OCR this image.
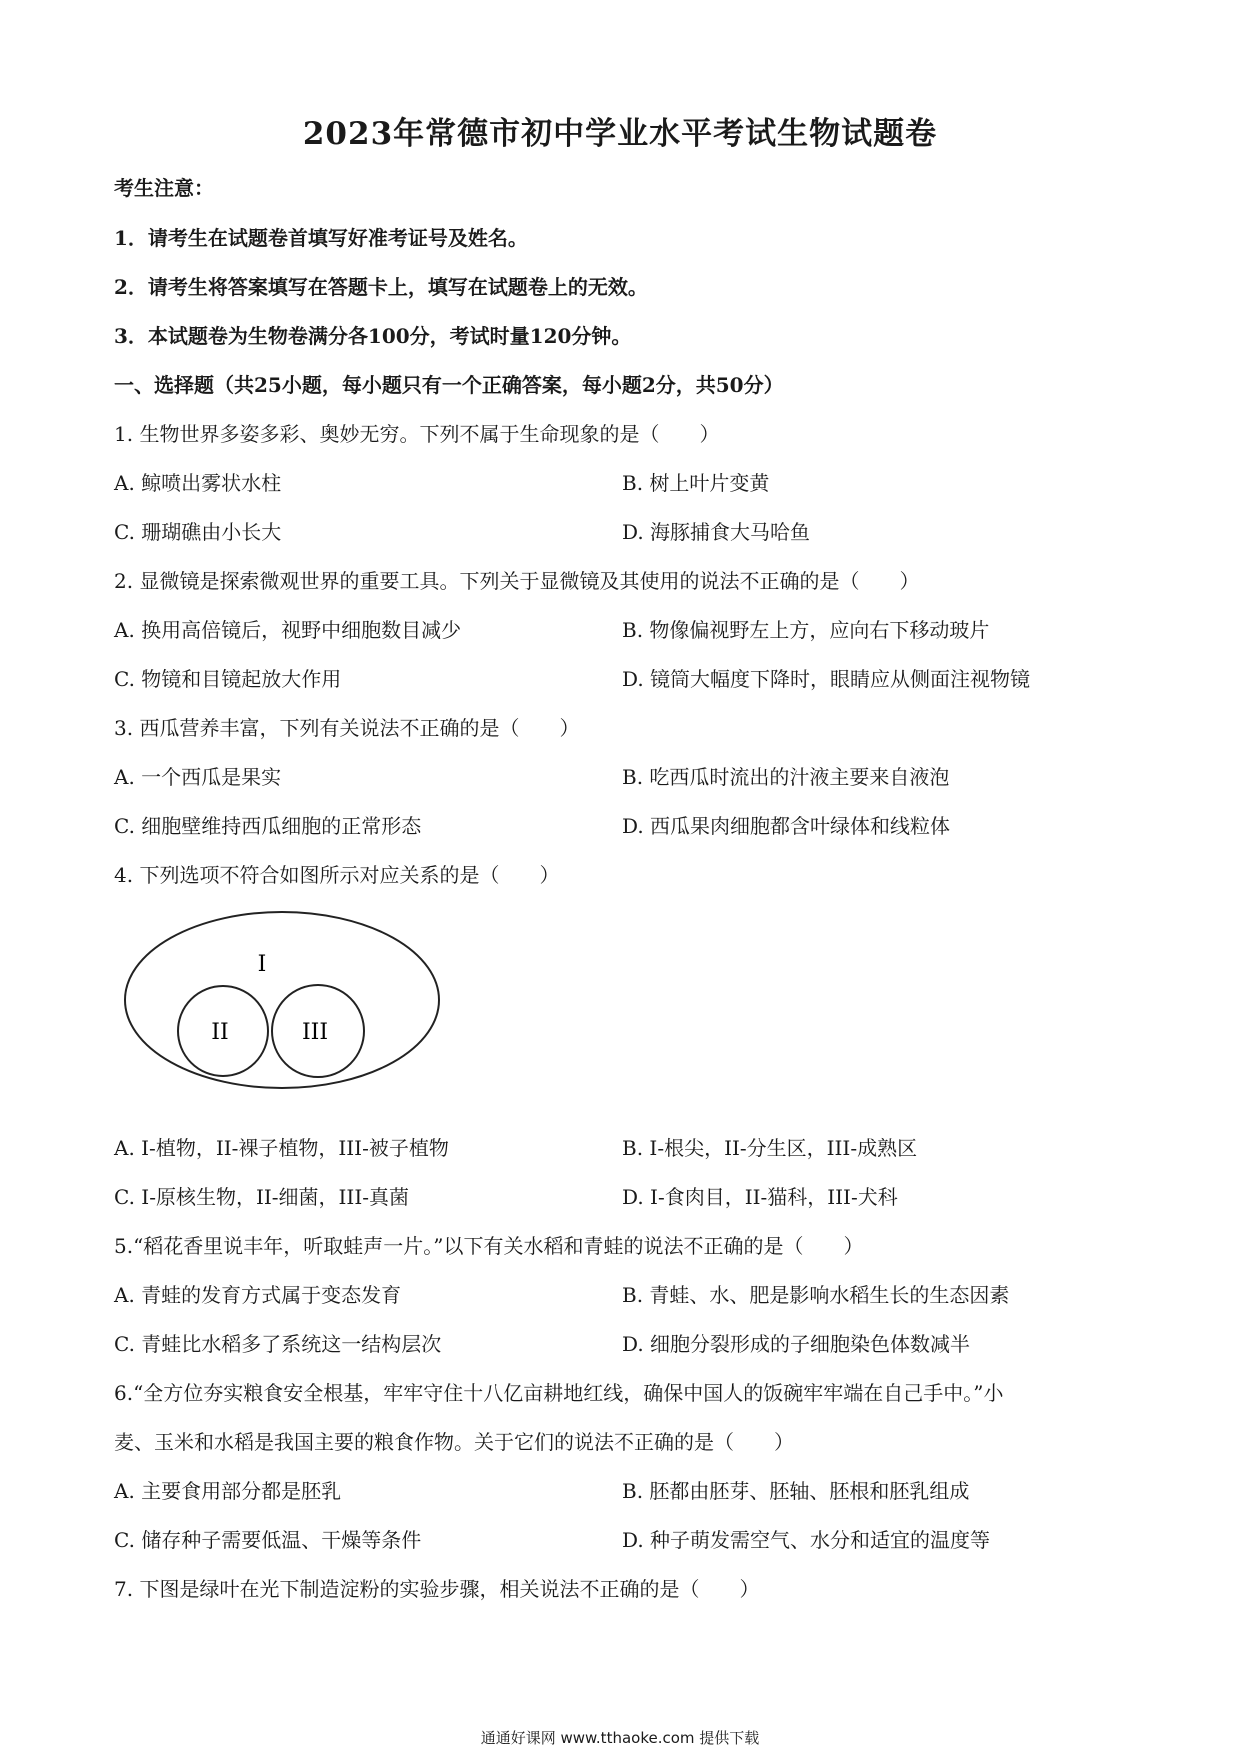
2023年常德市初中学业水平考试生物试题卷
考生注意：
1．请考生在试题卷首填写好准考证号及姓名。
2．请考生将答案填写在答题卡上，填写在试题卷上的无效。
3．本试题卷为生物卷满分各100分，考试时量120分钟。
一、选择题（共25小题，每小题只有一个正确答案，每小题2分，共50分）
1. 生物世界多姿多彩、奥妙无穷。下列不属于生命现象的是（　　）
A. 鲸喷出雾状水柱	B. 树上叶片变黄
C. 珊瑚礁由小长大	D. 海豚捕食大马哈鱼
2. 显微镜是探索微观世界的重要工具。下列关于显微镜及其使用的说法不正确的是（　　）
A. 换用高倍镜后，视野中细胞数目减少	B. 物像偏视野左上方，应向右下移动玻片
C. 物镜和目镜起放大作用	D. 镜筒大幅度下降时，眼睛应从侧面注视物镜
3. 西瓜营养丰富，下列有关说法不正确的是（　　）
A. 一个西瓜是果实	B. 吃西瓜时流出的汁液主要来自液泡
C. 细胞壁维持西瓜细胞的正常形态	D. 西瓜果肉细胞都含叶绿体和线粒体
4. 下列选项不符合如图所示对应关系的是（　　）
I
II	III
A. I-植物，II-裸子植物，III-被子植物	B. I-根尖，II-分生区，III-成熟区
C. I-原核生物，II-细菌，III-真菌	D. I-食肉目，II-猫科，III-犬科
5.“稻花香里说丰年，听取蛙声一片。”以下有关水稻和青蛙的说法不正确的是（　　）
A. 青蛙的发育方式属于变态发育	B. 青蛙、水、肥是影响水稻生长的生态因素
C. 青蛙比水稻多了系统这一结构层次	D. 细胞分裂形成的子细胞染色体数减半
6.“全方位夯实粮食安全根基，牢牢守住十八亿亩耕地红线，确保中国人的饭碗牢牢端在自己手中。”小
麦、玉米和水稻是我国主要的粮食作物。关于它们的说法不正确的是（　　）
A. 主要食用部分都是胚乳	B. 胚都由胚芽、胚轴、胚根和胚乳组成
C. 储存种子需要低温、干燥等条件	D. 种子萌发需空气、水分和适宜的温度等
7. 下图是绿叶在光下制造淀粉的实验步骤，相关说法不正确的是（　　）
通通好课网 www.tthaoke.com 提供下载
